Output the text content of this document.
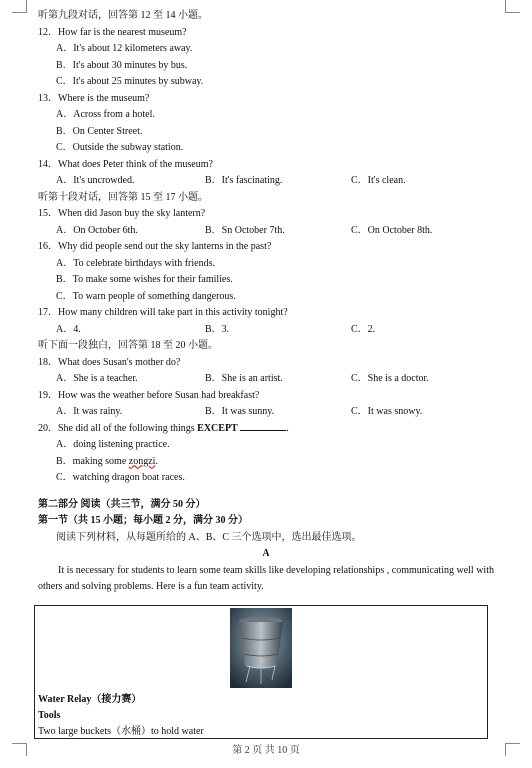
听第九段对话，回答第 12 至 14 小题。
12．How far is the nearest museum?
A．It's about 12 kilometers away.
B．It's about 30 minutes by bus.
C．It's about 25 minutes by subway.
13．Where is the museum?
A．Across from a hotel.
B．On Center Street.
C．Outside the subway station.
14．What does Peter think of the museum?
A．It's uncrowded.	B．It's fascinating.	C．It's clean.
听第十段对话，回答第 15 至 17 小题。
15．When did Jason buy the sky lantern?
A．On October 6th.	B．Sn October 7th.	C．On October 8th.
16．Why did people send out the sky lanterns in the past?
A．To celebrate birthdays with friends.
B．To make some wishes for their families.
C．To warn people of something dangerous.
17．How many children will take part in this activity tonight?
A．4.	B．3.	C．2.
听下面一段独白，回答第 18 至 20 小题。
18．What does Susan's mother do?
A．She is a teacher.	B．She is an artist.	C．She is a doctor.
19．How was the weather before Susan had breakfast?
A．It was rainy.	B．It was sunny.	C．It was snowy.
20．She did all of the following things EXCEPT	.
A．doing listening practice.
B．making some zongzi.
C．watching dragon boat races.
第二部分 阅读（共三节，满分 50 分）
第一节（共 15 小题；每小题 2 分，满分 30 分）
阅读下列材料，从每题所给的 A、B、C 三个选项中，选出最佳选项。
A
It is necessary for students to learn some team skills like developing relationships , communicating well with others and solving problems. Here is a fun team activity.
Water Relay（接力赛）
Tools
Two large buckets（水桶）to hold water
第 2 页 共 10 页
